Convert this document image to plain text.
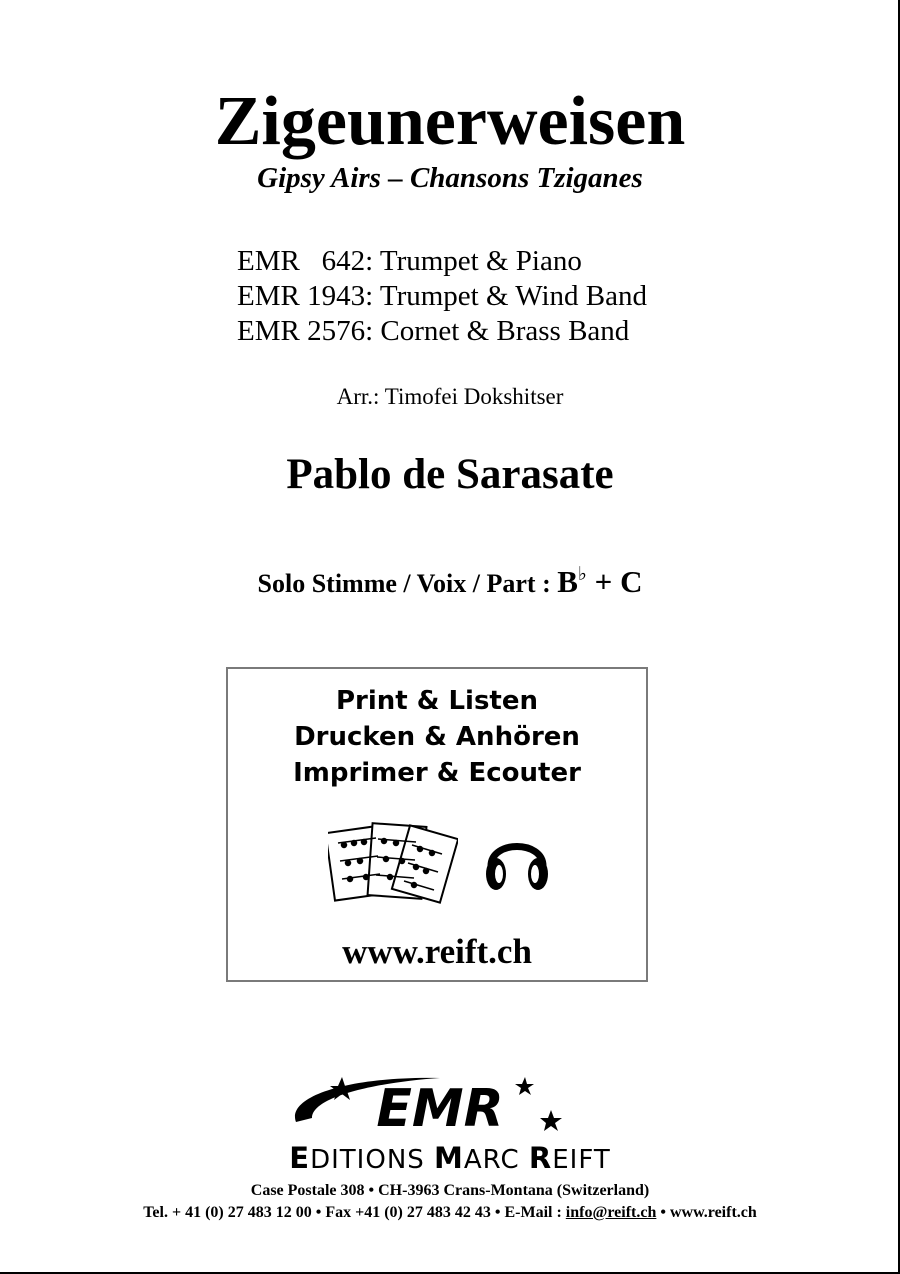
Zigeunerweisen
Gipsy Airs – Chansons Tziganes
EMR   642: Trumpet & Piano
EMR 1943: Trumpet & Wind Band
EMR 2576: Cornet & Brass Band
Arr.: Timofei Dokshitser
Pablo de Sarasate
Solo Stimme / Voix / Part : B♭ + C
Print & Listen
Drucken & Anhören
Imprimer & Ecouter
www.reift.ch
EMR
EDITIONS MARC REIFT
Case Postale 308 • CH-3963 Crans-Montana (Switzerland)
Tel. + 41 (0) 27 483 12 00 • Fax +41 (0) 27 483 42 43 • E-Mail : info@reift.ch • www.reift.ch
